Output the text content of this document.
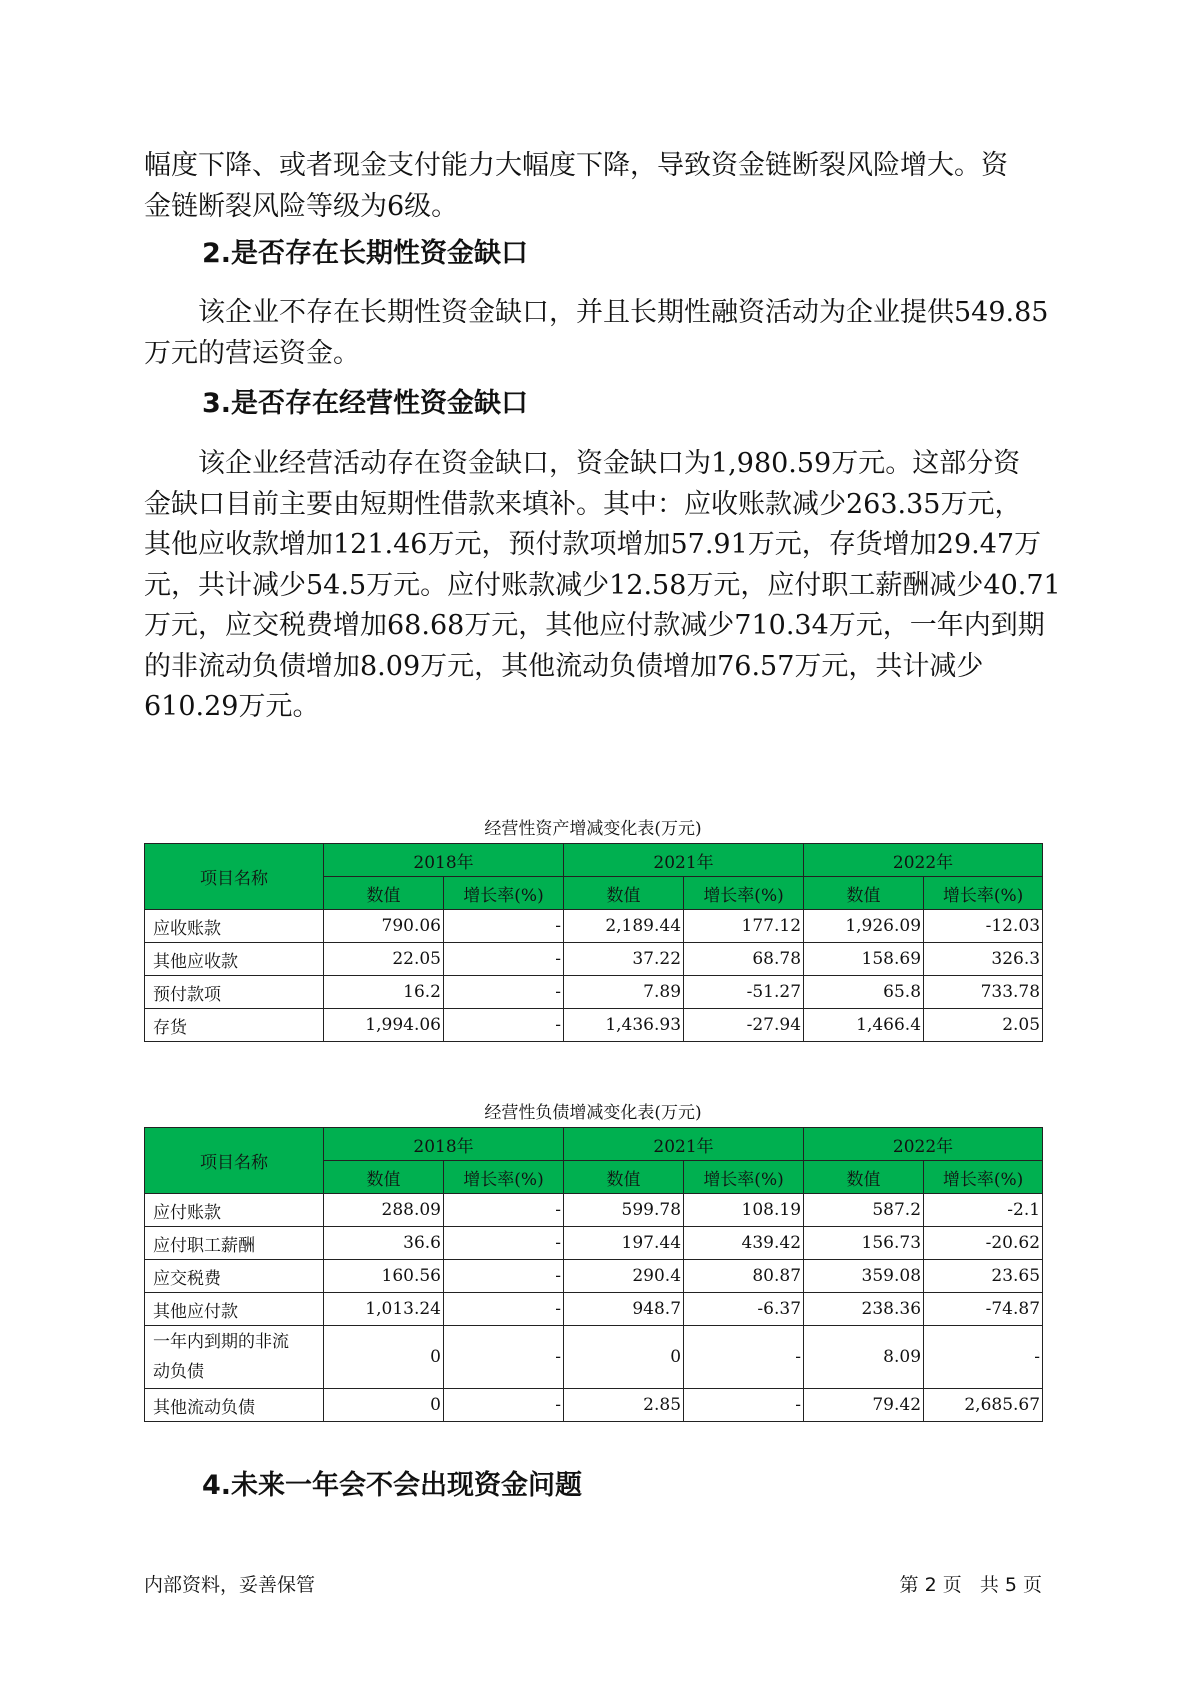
幅度下降、或者现金支付能力大幅度下降，导致资金链断裂风险增大。资
金链断裂风险等级为6级。

2.是否存在长期性资金缺口

　　该企业不存在长期性资金缺口，并且长期性融资活动为企业提供549.85
万元的营运资金。

3.是否存在经营性资金缺口

　　该企业经营活动存在资金缺口，资金缺口为1,980.59万元。这部分资
金缺口目前主要由短期性借款来填补。其中：应收账款减少263.35万元，
其他应收款增加121.46万元，预付款项增加57.91万元，存货增加29.47万
元，共计减少54.5万元。应付账款减少12.58万元，应付职工薪酬减少40.71
万元，应交税费增加68.68万元，其他应付款减少710.34万元，一年内到期
的非流动负债增加8.09万元，其他流动负债增加76.57万元，共计减少
610.29万元。

经营性资产增减变化表(万元)
项目名称	2018年		2021年		2022年	
	数值	增长率(%)	数值	增长率(%)	数值	增长率(%)
应收账款	790.06	-	2,189.44	177.12	1,926.09	-12.03
其他应收款	22.05	-	37.22	68.78	158.69	326.3
预付款项	16.2	-	7.89	-51.27	65.8	733.78
存货	1,994.06	-	1,436.93	-27.94	1,466.4	2.05
经营性负债增减变化表(万元)
项目名称	2018年		2021年		2022年	
	数值	增长率(%)	数值	增长率(%)	数值	增长率(%)
应付账款	288.09	-	599.78	108.19	587.2	-2.1
应付职工薪酬	36.6	-	197.44	439.42	156.73	-20.62
应交税费	160.56	-	290.4	80.87	359.08	23.65
其他应付款	1,013.24	-	948.7	-6.37	238.36	-74.87

一年内到期的非流
动负债	0	-	0	-	8.09	-
其他流动负债	0	-	2.85	-	79.42	2,685.67
4.未来一年会不会出现资金问题
内部资料，妥善保管	第 2 页   共 5 页
